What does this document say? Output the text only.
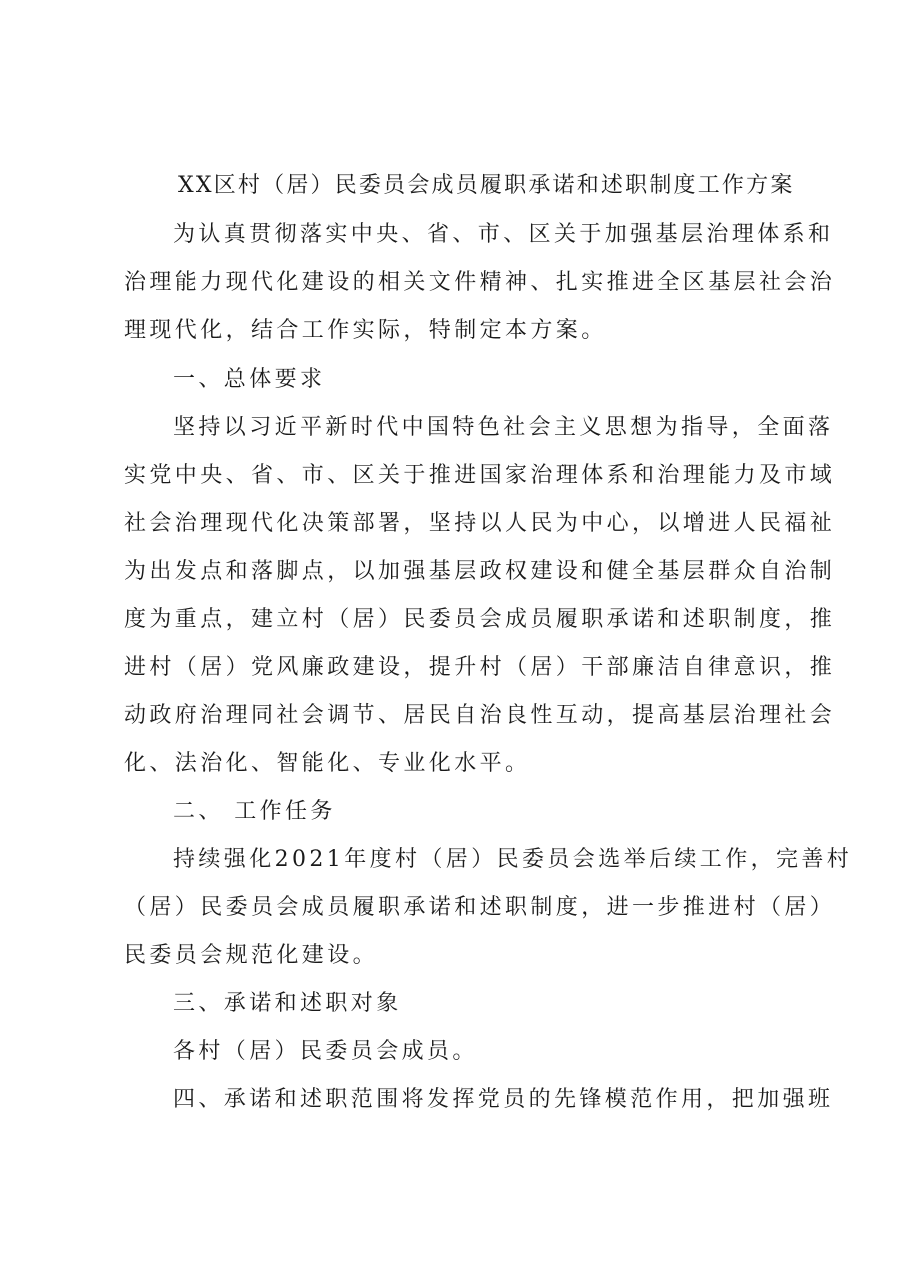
XX区村（居）民委员会成员履职承诺和述职制度工作方案
为认真贯彻落实中央、省、市、区关于加强基层治理体系和
治理能力现代化建设的相关文件精神、扎实推进全区基层社会治
理现代化，结合工作实际，特制定本方案。
一、总体要求
坚持以习近平新时代中国特色社会主义思想为指导，全面落
实党中央、省、市、区关于推进国家治理体系和治理能力及市域
社会治理现代化决策部署，坚持以人民为中心，以增进人民福祉
为出发点和落脚点，以加强基层政权建设和健全基层群众自治制
度为重点，建立村（居）民委员会成员履职承诺和述职制度，推
进村（居）党风廉政建设，提升村（居）干部廉洁自律意识，推
动政府治理同社会调节、居民自治良性互动，提高基层治理社会
化、法治化、智能化、专业化水平。
二、 工作任务
持续强化2021年度村（居）民委员会选举后续工作，完善村
（居）民委员会成员履职承诺和述职制度，进一步推进村（居）
民委员会规范化建设。
三、承诺和述职对象
各村（居）民委员会成员。
四、承诺和述职范围将发挥党员的先锋模范作用，把加强班
